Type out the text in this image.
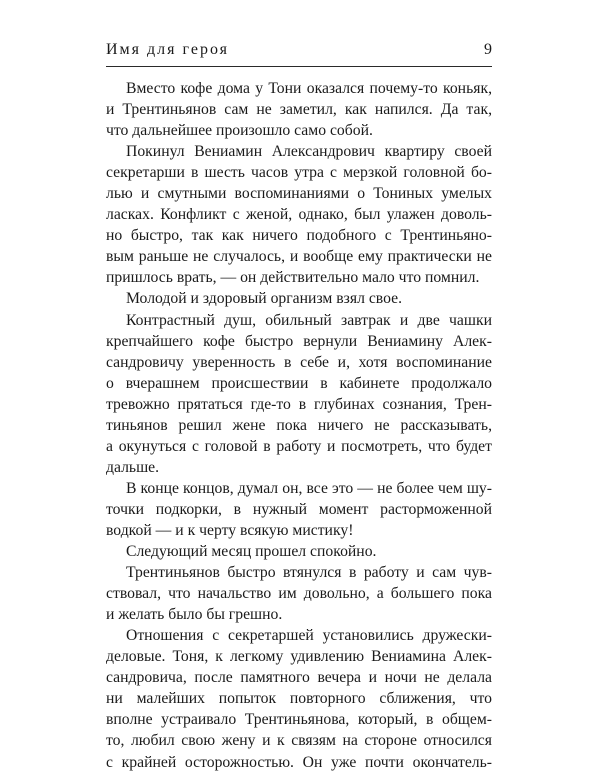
Имя для героя	9
Вместо кофе дома у Тони оказался почему-то коньяк,
и Трентиньянов сам не заметил, как напился. Да так,
что дальнейшее произошло само собой.
Покинул Вениамин Александрович квартиру своей
секретарши в шесть часов утра с мерзкой головной бо-
лью и смутными воспоминаниями о Тониных умелых
ласках. Конфликт с женой, однако, был улажен доволь-
но быстро, так как ничего подобного с Трентиньяно-
вым раньше не случалось, и вообще ему практически не
пришлось врать, — он действительно мало что помнил.
Молодой и здоровый организм взял свое.
Контрастный душ, обильный завтрак и две чашки
крепчайшего кофе быстро вернули Вениамину Алек-
сандровичу уверенность в себе и, хотя воспоминание
о вчерашнем происшествии в кабинете продолжало
тревожно прятаться где-то в глубинах сознания, Трен-
тиньянов решил жене пока ничего не рассказывать,
а окунуться с головой в работу и посмотреть, что будет
дальше.
В конце концов, думал он, все это — не более чем шу-
точки подкорки, в нужный момент расторможенной
водкой — и к черту всякую мистику!
Следующий месяц прошел спокойно.
Трентиньянов быстро втянулся в работу и сам чув-
ствовал, что начальство им довольно, а большего пока
и желать было бы грешно.
Отношения с секретаршей установились дружески-
деловые. Тоня, к легкому удивлению Вениамина Алек-
сандровича, после памятного вечера и ночи не делала
ни малейших попыток повторного сближения, что
вполне устраивало Трентиньянова, который, в общем-
то, любил свою жену и к связям на стороне относился
с крайней осторожностью. Он уже почти окончатель-
